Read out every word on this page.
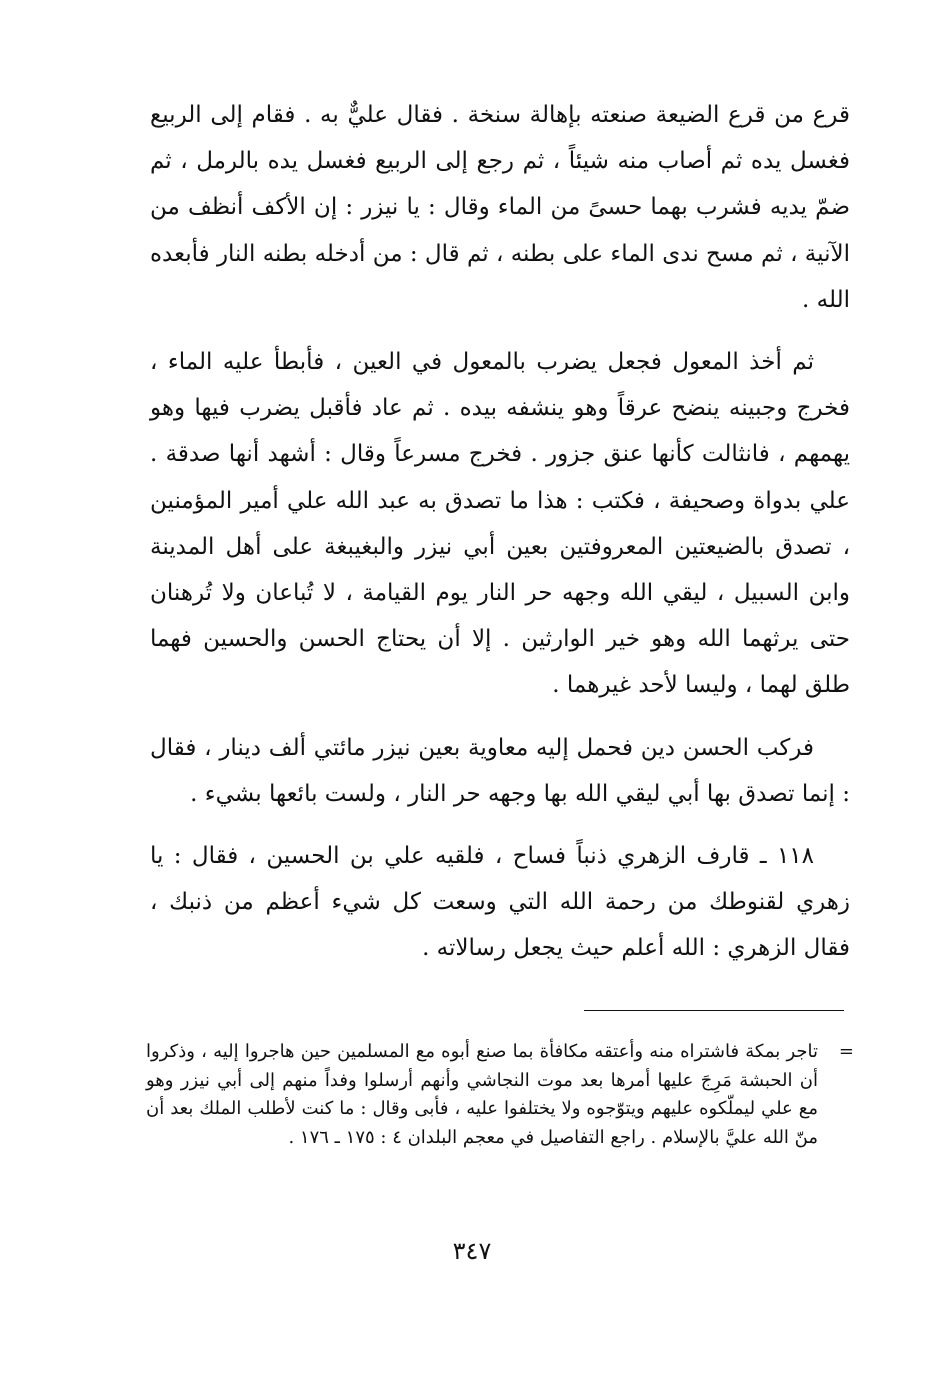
قرع من قرع الضيعة صنعته بإهالة سنخة . فقال عليٌّ به . فقام إلى الربيع فغسل يده ثم أصاب منه شيئاً ، ثم رجع إلى الربيع فغسل يده بالرمل ، ثم ضمّ يديه فشرب بهما حسىً من الماء وقال : يا نيزر : إن الأكف أنظف من الآنية ، ثم مسح ندى الماء على بطنه ، ثم قال : من أدخله بطنه النار فأبعده الله .

ثم أخذ المعول فجعل يضرب بالمعول في العين ، فأبطأ عليه الماء ، فخرج وجبينه ينضح عرقاً وهو ينشفه بيده . ثم عاد فأقبل يضرب فيها وهو يهمهم ، فانثالت كأنها عنق جزور . فخرج مسرعاً وقال : أشهد أنها صدقة . علي بدواة وصحيفة ، فكتب : هذا ما تصدق به عبد الله علي أمير المؤمنين ، تصدق بالضيعتين المعروفتين بعين أبي نيزر والبغيبغة على أهل المدينة وابن السبيل ، ليقي الله وجهه حر النار يوم القيامة ، لا تُباعان ولا تُرهنان حتى يرثهما الله وهو خير الوارثين . إلا أن يحتاج الحسن والحسين فهما طلق لهما ، وليسا لأحد غيرهما .

فركب الحسن دين فحمل إليه معاوية بعين نيزر مائتي ألف دينار ، فقال : إنما تصدق بها أبي ليقي الله بها وجهه حر النار ، ولست بائعها بشيء .

١١٨ ـ قارف الزهري ذنباً فساح ، فلقيه علي بن الحسين ، فقال : يا زهري لقنوطك من رحمة الله التي وسعت كل شيء أعظم من ذنبك ، فقال الزهري : الله أعلم حيث يجعل رسالاته .

=

تاجر بمكة فاشتراه منه وأعتقه مكافأة بما صنع أبوه مع المسلمين حين هاجروا إليه ، وذكروا أن الحبشة مَرِجَ عليها أمرها بعد موت النجاشي وأنهم أرسلوا وفداً منهم إلى أبي نيزر وهو مع علي ليملّكوه عليهم ويتوّجوه ولا يختلفوا عليه ، فأبى وقال : ما كنت لأطلب الملك بعد أن منّ الله عليَّ بالإسلام . راجع التفاصيل في معجم البلدان ٤ : ١٧٥ ـ ١٧٦ .

٣٤٧
